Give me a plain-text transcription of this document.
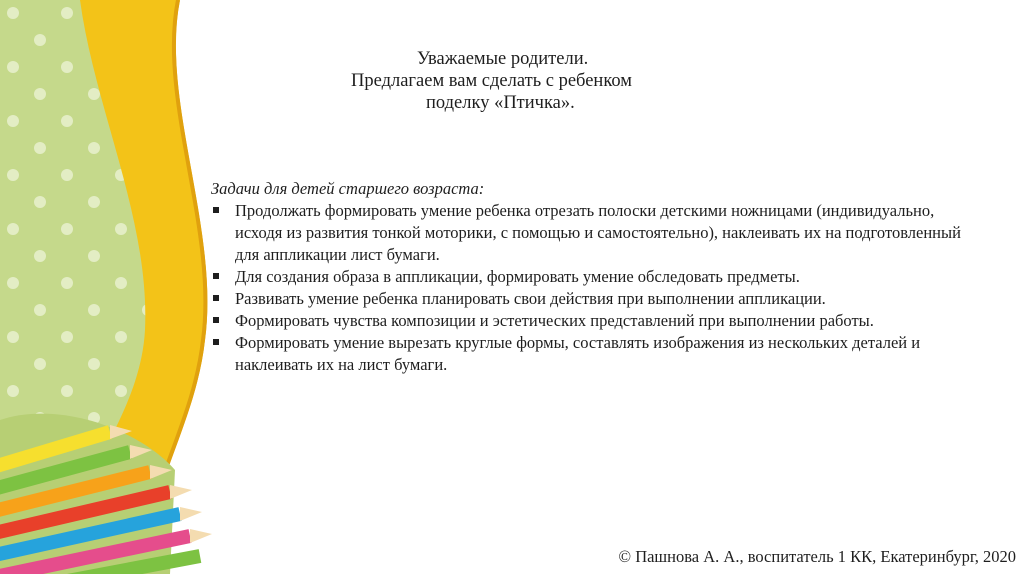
Уважаемые родители.
Предлагаем вам сделать с ребенком
поделку «Птичка».

Задачи для детей старшего возраста:

Продолжать формировать умение ребенка отрезать полоски детскими ножницами (индивидуально, исходя из развития тонкой моторики, с помощью и самостоятельно), наклеивать их на подготовленный для аппликации лист бумаги.
Для создания образа в аппликации, формировать умение обследовать предметы.
Развивать умение ребенка планировать свои действия при выполнении аппликации.
Формировать чувства композиции и эстетических представлений при выполнении работы.
Формировать умение вырезать круглые формы, составлять изображения из нескольких деталей и наклеивать их на лист бумаги.
© Пашнова А. А., воспитатель 1 КК, Екатеринбург, 2020
